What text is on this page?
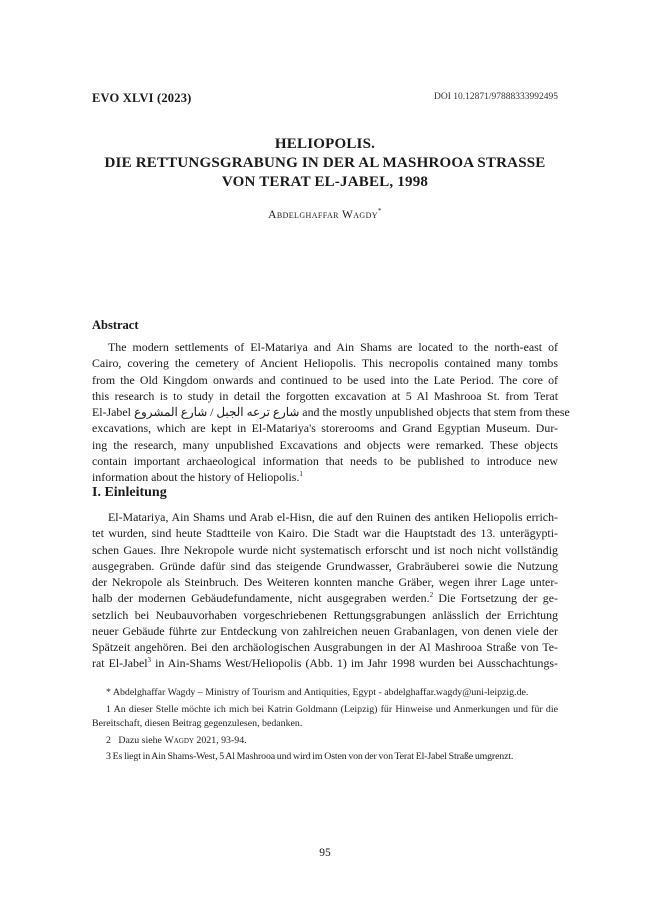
EVO XLVI (2023)	DOI 10.12871/97888333992495
HELIOPOLIS.
DIE RETTUNGSGRABUNG IN DER AL MASHROOA STRASSE
VON TERAT EL-JABEL, 1998
Abdelghaffar Wagdy*
Abstract
The modern settlements of El-Matariya and Ain Shams are located to the north-east of
Cairo, covering the cemetery of Ancient Heliopolis. This necropolis contained many tombs
from the Old Kingdom onwards and continued to be used into the Late Period. The core of
this research is to study in detail the forgotten excavation at 5 Al Mashrooa St. from Terat
El-Jabel شارع ترعه الجبل / شارع المشروع and the mostly unpublished objects that stem from these
excavations, which are kept in El-Matariya's storerooms and Grand Egyptian Museum. Dur-
ing the research, many unpublished Excavations and objects were remarked. These objects
contain important archaeological information that needs to be published to introduce new
information about the history of Heliopolis.$^1$
I. Einleitung
El-Matariya, Ain Shams und Arab el-Hisn, die auf den Ruinen des antiken Heliopolis errich-
tet wurden, sind heute Stadtteile von Kairo. Die Stadt war die Hauptstadt des 13. unterägypti-
schen Gaues. Ihre Nekropole wurde nicht systematisch erforscht und ist noch nicht vollständig
ausgegraben. Gründe dafür sind das steigende Grundwasser, Grabräuberei sowie die Nutzung
der Nekropole als Steinbruch. Des Weiteren konnten manche Gräber, wegen ihrer Lage unter-
halb der modernen Gebäudefundamente, nicht ausgegraben werden.$^2$ Die Fortsetzung der ge-
setzlich bei Neubauvorhaben vorgeschriebenen Rettungsgrabungen anlässlich der Errichtung
neuer Gebäude führte zur Entdeckung von zahlreichen neuen Grabanlagen, von denen viele der
Spätzeit angehören. Bei den archäologischen Ausgrabungen in der Al Mashrooa Straße von Te-
rat El-Jabel$^3$ in Ain-Shams West/Heliopolis (Abb. 1) im Jahr 1998 wurden bei Ausschachtungs-
* Abdelghaffar Wagdy – Ministry of Tourism and Antiquities, Egypt - abdelghaffar.wagdy@uni-leipzig.de.
1 An dieser Stelle möchte ich mich bei Katrin Goldmann (Leipzig) für Hinweise und Anmerkungen und für die Bereitschaft, diesen Beitrag gegenzulesen, bedanken.
2   Dazu siehe Wagdy 2021, 93-94.
3 Es liegt in Ain Shams-West, 5 Al Mashrooa und wird im Osten von der von Terat El-Jabel Straße umgrenzt.
95
